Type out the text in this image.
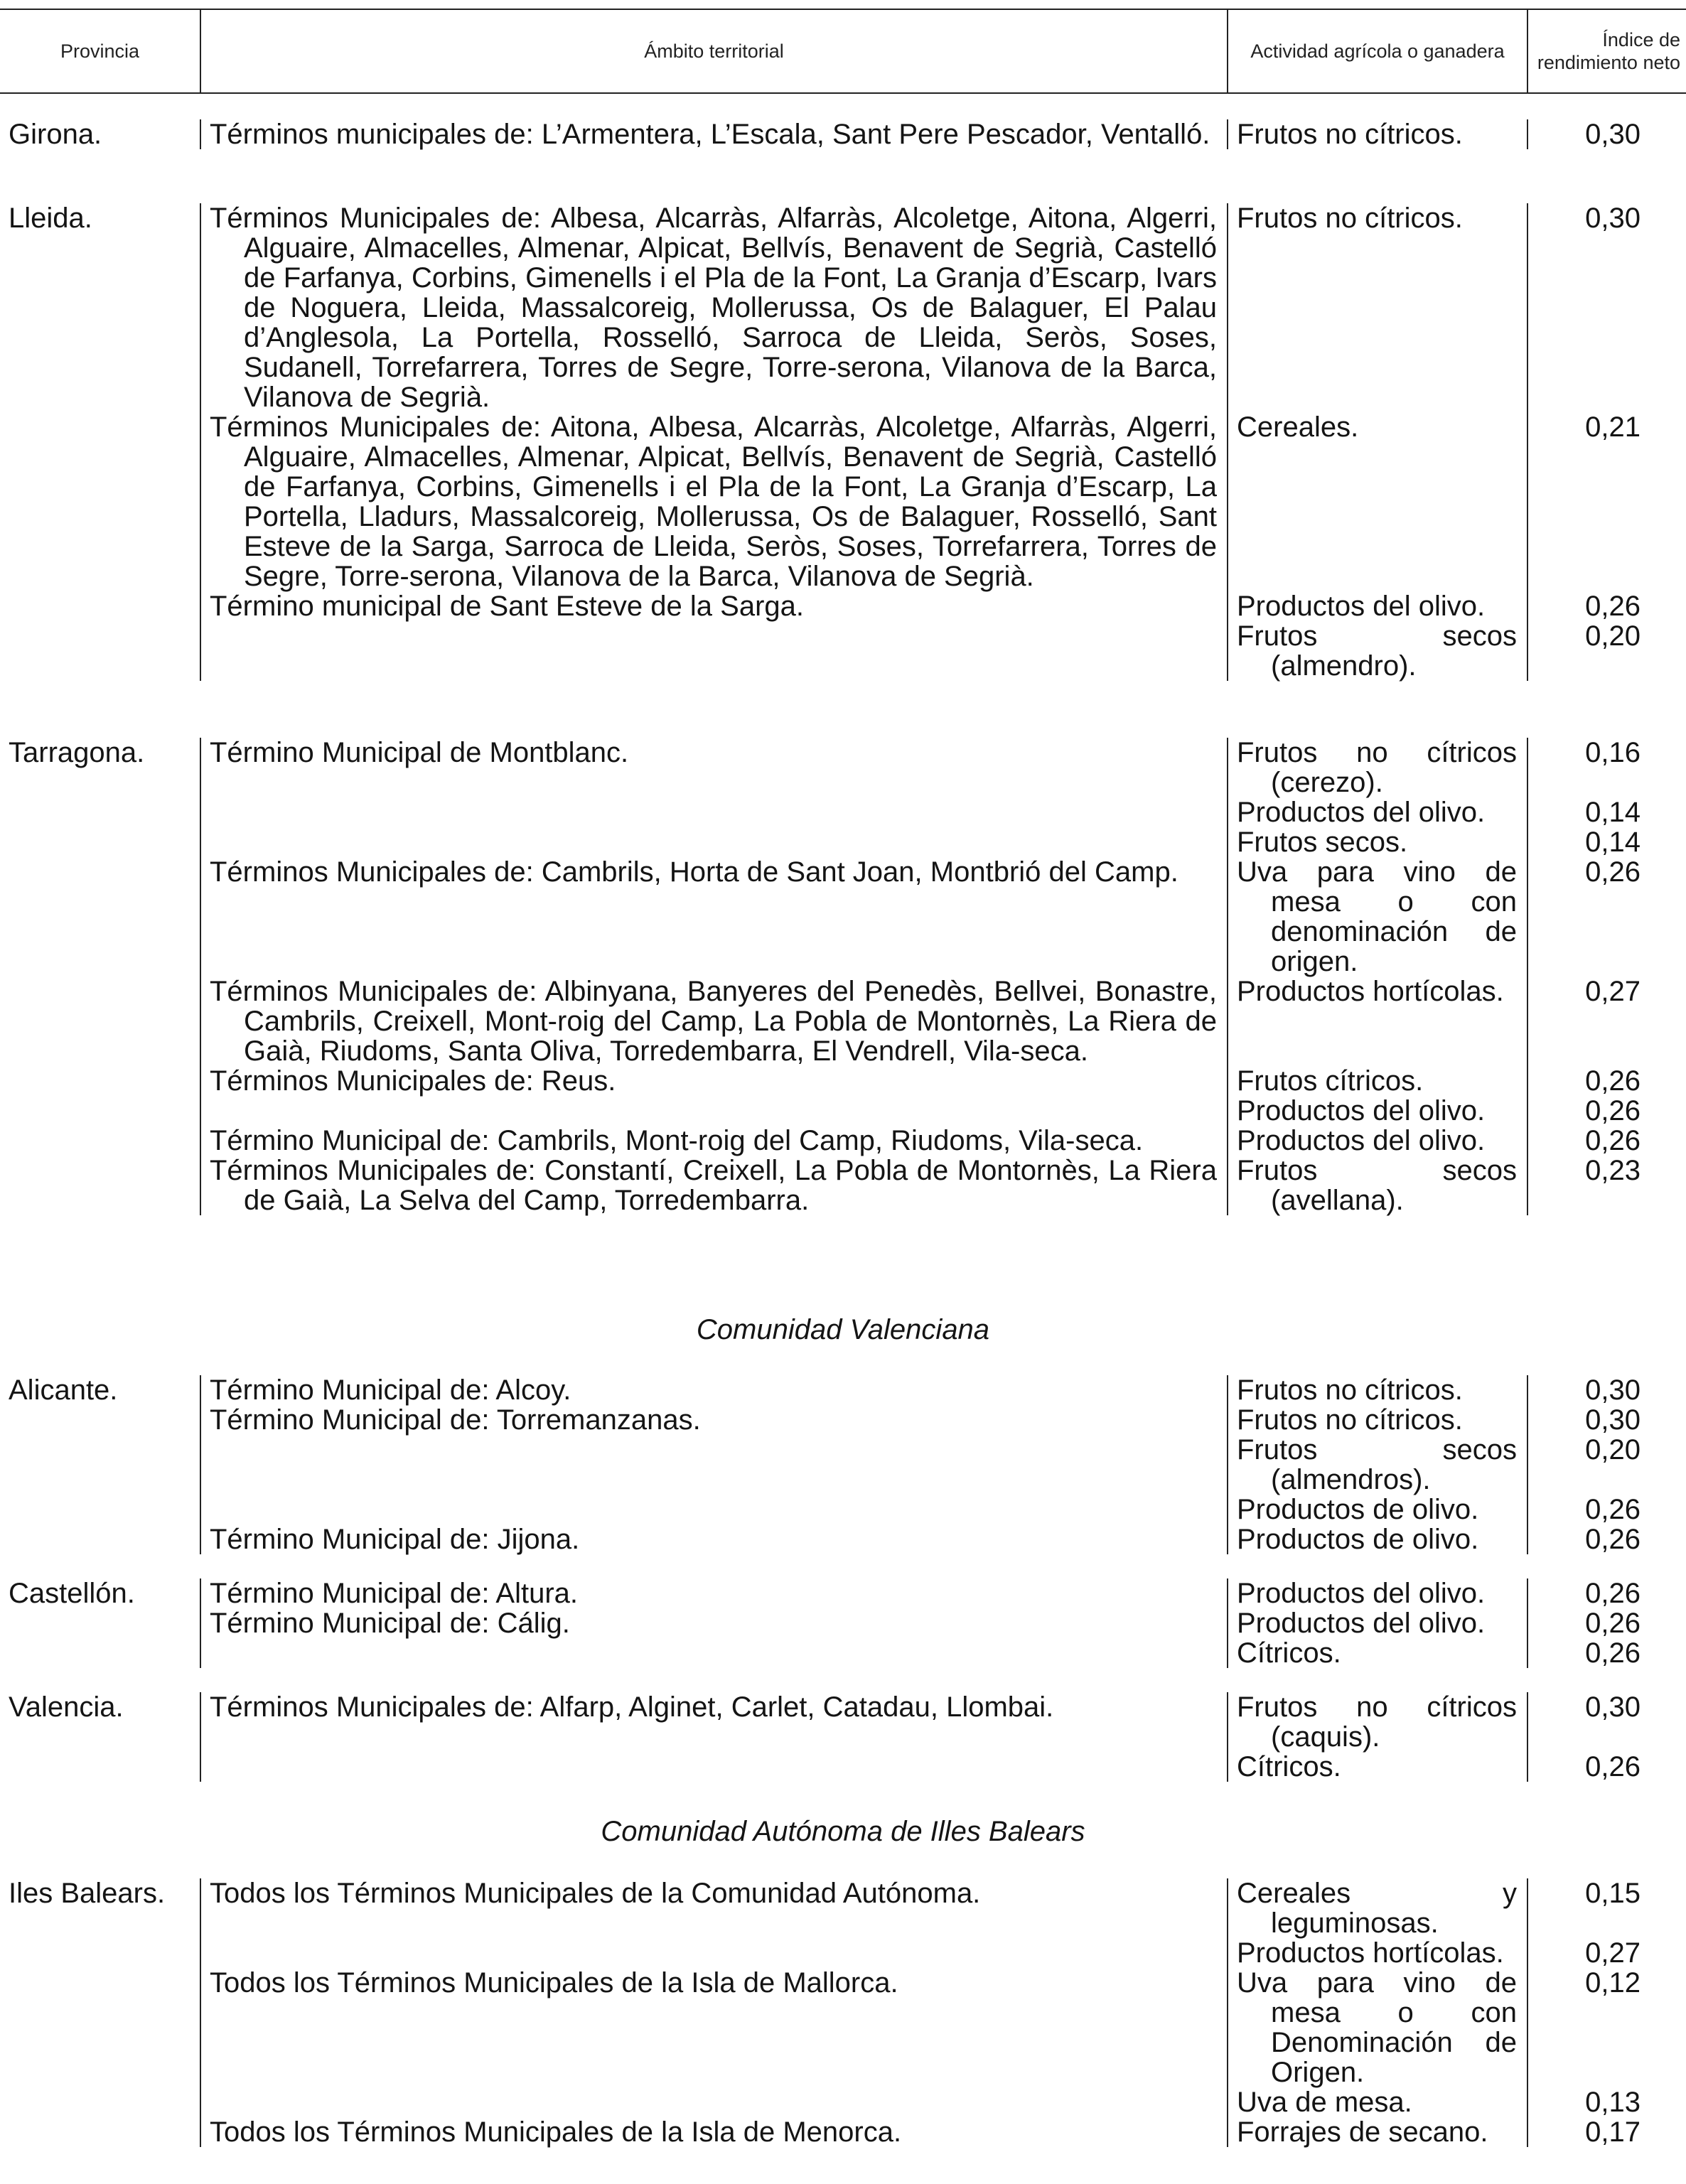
Provincia	Ámbito territorial	Actividad agrícola o ganadera	Índice de rendimiento neto
Girona.	Términos municipales de: L’Armentera, L’Escala, Sant Pere Pescador, Ventalló.	Frutos no cítricos.	0,30
Lleida.	Términos Municipales de: Albesa, Alcarràs, Alfarràs, Alcoletge, Aitona, Algerri, Alguaire, Almacelles, Almenar, Alpicat, Bellvís, Benavent de Segrià, Castelló de Farfanya, Corbins, Gimenells i el Pla de la Font, La Granja d’Escarp, Ivars de Noguera, Lleida, Massalcoreig, Mollerussa, Os de Balaguer, El Palau d’Anglesola, La Portella, Rosselló, Sarroca de Lleida, Seròs, Soses, Sudanell, Torrefarrera, Torres de Segre, Torre-serona, Vilanova de la Barca, Vilanova de Segrià.	Frutos no cítricos.	0,30

	Términos Municipales de: Aitona, Albesa, Alcarràs, Alcoletge, Alfarràs, Algerri, Alguaire, Almacelles, Almenar, Alpicat, Bellvís, Benavent de Segrià, Castelló de Farfanya, Corbins, Gimenells i el Pla de la Font, La Granja d’Escarp, La Portella, Lladurs, Massalcoreig, Mollerussa, Os de Balaguer, Rosselló, Sant Esteve de la Sarga, Sarroca de Lleida, Seròs, Soses, Torrefarrera, Torres de Segre, Torre-serona, Vilanova de la Barca, Vilanova de Segrià.	Cereales.	0,21

	Término municipal de Sant Esteve de la Sarga.	Productos del olivo.	0,26

		Frutos secos (almendro).	0,20
Tarragona.	Término Municipal de Montblanc.	Frutos no cítricos (cerezo).	0,16

		Productos del olivo.	0,14

		Frutos secos.	0,14

	Términos Municipales de: Cambrils, Horta de Sant Joan, Montbrió del Camp.	Uva para vino de mesa o con denominación de origen.	0,26

	Términos Municipales de: Albinyana, Banyeres del Penedès, Bellvei, Bonastre, Cambrils, Creixell, Mont-roig del Camp, La Pobla de Montornès, La Riera de Gaià, Riudoms, Santa Oliva, Torredembarra, El Vendrell, Vila-seca.	Productos hortícolas.	0,27

	Términos Municipales de: Reus.	Frutos cítricos.	0,26

		Productos del olivo.	0,26

	Término Municipal de: Cambrils, Mont-roig del Camp, Riudoms, Vila-seca.	Productos del olivo.	0,26

	Términos Municipales de: Constantí, Creixell, La Pobla de Montornès, La Riera de Gaià, La Selva del Camp, Torredembarra.	Frutos secos (avellana).	0,23
Comunidad Valenciana
Alicante.	Término Municipal de: Alcoy.	Frutos no cítricos.	0,30

	Término Municipal de: Torremanzanas.	Frutos no cítricos.	0,30

		Frutos secos (almendros).	0,20

		Productos de olivo.	0,26

	Término Municipal de: Jijona.	Productos de olivo.	0,26
Castellón.	Término Municipal de: Altura.	Productos del olivo.	0,26

	Término Municipal de: Cálig.	Productos del olivo.	0,26

		Cítricos.	0,26
Valencia.	Términos Municipales de: Alfarp, Alginet, Carlet, Catadau, Llombai.	Frutos no cítricos (caquis).	0,30

		Cítricos.	0,26
Comunidad Autónoma de Illes Balears
Iles Balears.	Todos los Términos Municipales de la Comunidad Autónoma.	Cereales y leguminosas.	0,15

		Productos hortícolas.	0,27

	Todos los Términos Municipales de la Isla de Mallorca.	Uva para vino de mesa o con Denominación de Origen.	0,12

		Uva de mesa.	0,13

	Todos los Términos Municipales de la Isla de Menorca.	Forrajes de secano.	0,17
